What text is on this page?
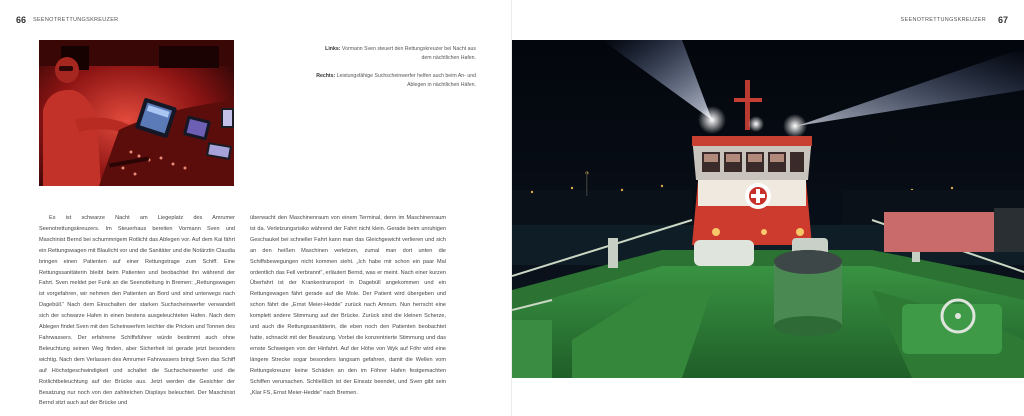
66 SEENOTRETTUNGSKREUZER
Links: Vormann Sven steuert den Rettungskreuzer bei Nacht aus dem nächtlichen Hafen.
Rechts: Leistungsfähige Suchscheinwerfer helfen auch beim An- und Ablegen in nächtlichen Häfen.
Es ist schwarze Nacht am Liegeplatz des Amrumer Seenotrettungskreuzers. Im Steuerhaus bereiten Vormann Sven und Maschinist Bernd bei schummrigem Rotlicht das Ablegen vor. Auf dem Kai fährt ein Rettungswagen mit Blaulicht vor und die Sanitäter und die Notärztin Claudia bringen einen Patienten auf einer Rettungstrage zum Schiff. Eine Rettungssanitäterin bleibt beim Patienten und beobachtet ihn während der Fahrt. Sven meldet per Funk an die Seenotleitung in Bremen: „Rettungswagen ist vorgefahren, wir nehmen den Patienten an Bord und sind unterwegs nach Dagebüll.“ Nach dem Einschalten der starken Suchscheinwerfer verwandelt sich der schwarze Hafen in einen bestens ausgeleuchteten Hafen. Nach dem Ablegen findet Sven mit den Scheinwerfern leichter die Pricken und Tonnen des Fahrwassers. Der erfahrene Schiffsführer würde bestimmt auch ohne Beleuchtung seinen Weg finden, aber Sicherheit ist gerade jetzt besonders wichtig. Nach dem Verlassen des Amrumer Fahrwassers bringt Sven das Schiff auf Höchstgeschwindigkeit und schaltet die Suchscheinwerfer und die Rotlichtbeleuchtung auf der Brücke aus. Jetzt werden die Gesichter der Besatzung nur noch von den zahlreichen Displays beleuchtet. Der Maschinist Bernd sitzt auch auf der Brücke und
überwacht den Maschinenraum von einem Terminal, denn im Maschinenraum ist da. Verletzungsrisiko während der Fahrt nicht klein. Gerade beim unruhigen Geschaukel bei schneller Fahrt kann man das Gleichgewicht verlieren und sich an den heißen Maschinen verletzen, zumal man dort unten die Schiffsbewegungen nicht kommen sieht. „Ich habe mir schon ein paar Mal ordentlich das Fell verbrannt“, erläutert Bernd, was er meint. Nach einer kurzen Überfahrt ist der Krankentransport in Dagebüll angekommen und ein Rettungswagen fährt gerade auf die Mole. Der Patient wird übergeben und schon fährt die „Ernst Meier-Hedde“ zurück nach Amrum. Nun herrscht eine komplett andere Stimmung auf der Brücke. Zurück sind die kleinen Scherze, und auch die Rettungssanitäterin, die eben noch den Patienten beobachtet hatte, schnackt mit der Besatzung. Vorbei die konzentrierte Stimmung und das ernste Schweigen von der Hinfahrt. Auf der Höhe von Wyk auf Föhr wird eine längere Strecke sogar besonders langsam gefahren, damit die Wellen vom Rettungskreuzer keine Schäden an den im Föhrer Hafen festgemachten Schiffen verursachen. Schließlich ist der Einsatz beendet, und Sven gibt sein „Klar FS, Ernst Meier-Hedde“ nach Bremen.
67
SEENOTRETTUNGSKREUZER
